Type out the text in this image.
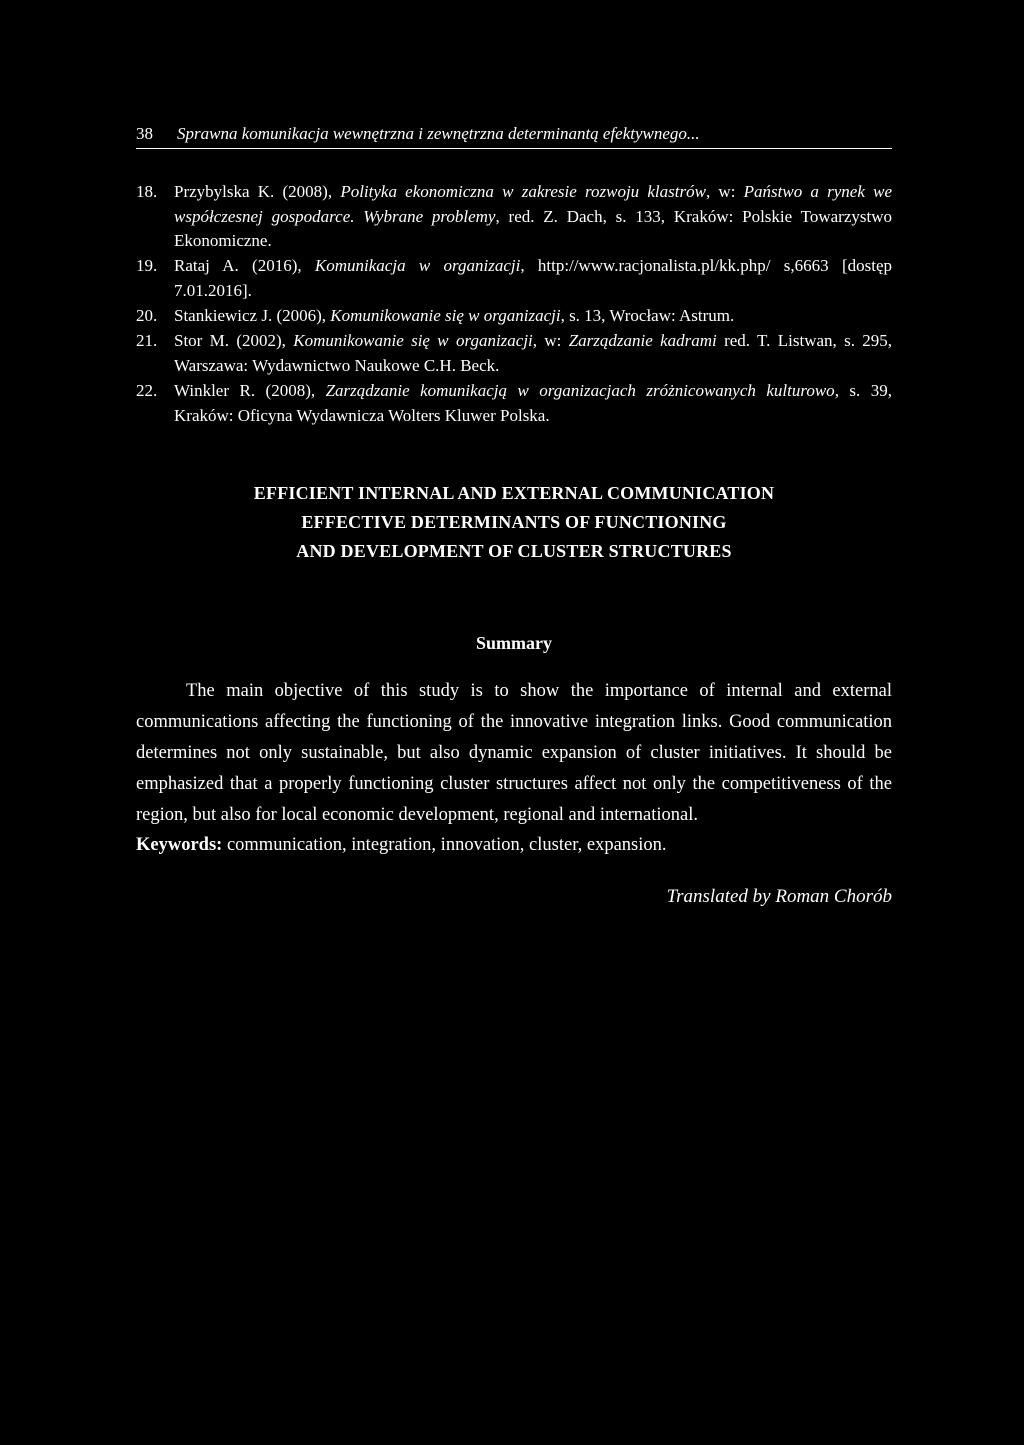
38 Sprawna komunikacja wewnętrzna i zewnętrzna determinantą efektywnego...
18. Przybylska K. (2008), Polityka ekonomiczna w zakresie rozwoju klastrów, w: Państwo a rynek we współczesnej gospodarce. Wybrane problemy, red. Z. Dach, s. 133, Kraków: Polskie Towarzystwo Ekonomiczne.
19. Rataj A. (2016), Komunikacja w organizacji, http://www.racjonalista.pl/kk.php/ s,6663 [dostęp 7.01.2016].
20. Stankiewicz J. (2006), Komunikowanie się w organizacji, s. 13, Wrocław: Astrum.
21. Stor M. (2002), Komunikowanie się w organizacji, w: Zarządzanie kadrami red. T. Listwan, s. 295, Warszawa: Wydawnictwo Naukowe C.H. Beck.
22. Winkler R. (2008), Zarządzanie komunikacją w organizacjach zróżnicowanych kulturowo, s. 39, Kraków: Oficyna Wydawnicza Wolters Kluwer Polska.
EFFICIENT INTERNAL AND EXTERNAL COMMUNICATION
EFFECTIVE DETERMINANTS OF FUNCTIONING
AND DEVELOPMENT OF CLUSTER STRUCTURES
Summary
The main objective of this study is to show the importance of internal and external communications affecting the functioning of the innovative integration links. Good communication determines not only sustainable, but also dynamic expansion of cluster initiatives. It should be emphasized that a properly functioning cluster structures affect not only the competitiveness of the region, but also for local economic development, regional and international.
Keywords: communication, integration, innovation, cluster, expansion.
Translated by Roman Chorób
